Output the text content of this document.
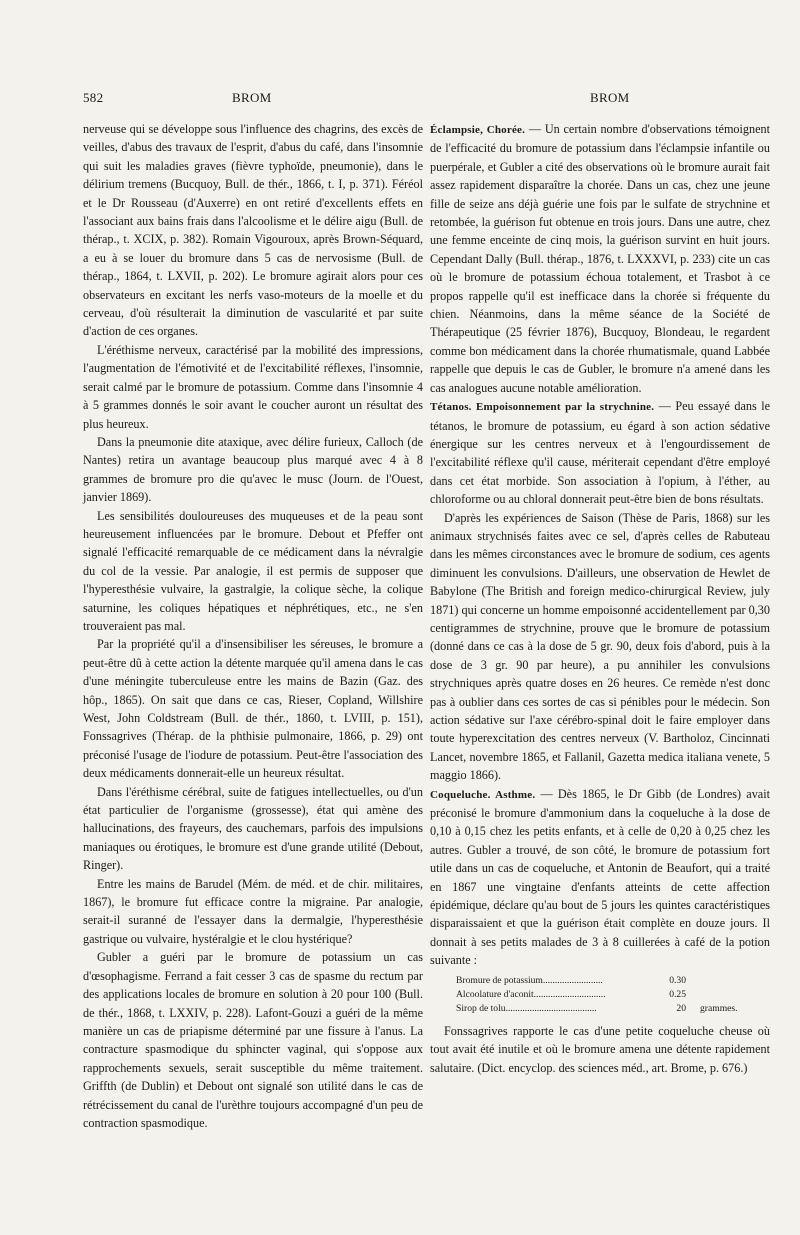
582	BROM	BROM

nerveuse qui se développe sous l'influence des chagrins, des excès de veilles, d'abus des travaux de l'esprit, d'abus du café, dans l'insomnie qui suit les maladies graves (fièvre typhoïde, pneumonie), dans le délirium tremens (Bucquoy, Bull. de thér., 1866, t. I, p. 371). Féréol et le Dr Rousseau (d'Auxerre) en ont retiré d'excellents effets en l'associant aux bains frais dans l'alcoolisme et le délire aigu (Bull. de thérap., t. XCIX, p. 382). Romain Vigouroux, après Brown-Séquard, a eu à se louer du bromure dans 5 cas de nervosisme (Bull. de thérap., 1864, t. LXVII, p. 202). Le bromure agirait alors pour ces observateurs en excitant les nerfs vaso-moteurs de la moelle et du cerveau, d'où résulterait la diminution de vascularité et par suite d'action de ces organes.

L'éréthisme nerveux, caractérisé par la mobilité des impressions, l'augmentation de l'émotivité et de l'excitabilité réflexes, l'insomnie, serait calmé par le bromure de potassium. Comme dans l'insomnie 4 à 5 grammes donnés le soir avant le coucher auront un résultat des plus heureux.

Dans la pneumonie dite ataxique, avec délire furieux, Calloch (de Nantes) retira un avantage beaucoup plus marqué avec 4 à 8 grammes de bromure pro die qu'avec le musc (Journ. de l'Ouest, janvier 1869).

Les sensibilités douloureuses des muqueuses et de la peau sont heureusement influencées par le bromure. Debout et Pfeffer ont signalé l'efficacité remarquable de ce médicament dans la névralgie du col de la vessie. Par analogie, il est permis de supposer que l'hyperesthésie vulvaire, la gastralgie, la colique sèche, la colique saturnine, les coliques hépatiques et néphrétiques, etc., ne s'en trouveraient pas mal.

Par la propriété qu'il a d'insensibiliser les séreuses, le bromure a peut-être dû à cette action la détente marquée qu'il amena dans le cas d'une méningite tuberculeuse entre les mains de Bazin (Gaz. des hôp., 1865). On sait que dans ce cas, Rieser, Copland, Willshire West, John Coldstream (Bull. de thér., 1860, t. LVIII, p. 151), Fonssagrives (Thérap. de la phthisie pulmonaire, 1866, p. 29) ont préconisé l'usage de l'iodure de potassium. Peut-être l'association des deux médicaments donnerait-elle un heureux résultat.

Dans l'éréthisme cérébral, suite de fatigues intellectuelles, ou d'un état particulier de l'organisme (grossesse), état qui amène des hallucinations, des frayeurs, des cauchemars, parfois des impulsions maniaques ou érotiques, le bromure est d'une grande utilité (Debout, Ringer).

Entre les mains de Barudel (Mém. de méd. et de chir. militaires, 1867), le bromure fut efficace contre la migraine. Par analogie, serait-il suranné de l'essayer dans la dermalgie, l'hyperesthésie gastrique ou vulvaire, hystéralgie et le clou hystérique?

Gubler a guéri par le bromure de potassium un cas d'œsophagisme. Ferrand a fait cesser 3 cas de spasme du rectum par des applications locales de bromure en solution à 20 pour 100 (Bull. de thér., 1868, t. LXXIV, p. 228). Lafont-Gouzi a guéri de la même manière un cas de priapisme déterminé par une fissure à l'anus. La contracture spasmodique du sphincter vaginal, qui s'oppose aux rapprochements sexuels, serait susceptible du même traitement. Griffth (de Dublin) et Debout ont signalé son utilité dans le cas de rétrécissement du canal de l'urèthre toujours accompagné d'un peu de contraction spasmodique.

Éclampsie, Chorée. — Un certain nombre d'observations témoignent de l'efficacité du bromure de potassium dans l'éclampsie infantile ou puerpérale, et Gubler a cité des observations où le bromure aurait fait assez rapidement disparaître la chorée. Dans un cas, chez une jeune fille de seize ans déjà guérie une fois par le sulfate de strychnine et retombée, la guérison fut obtenue en trois jours. Dans une autre, chez une femme enceinte de cinq mois, la guérison survint en huit jours. Cependant Dally (Bull. thérap., 1876, t. LXXXVI, p. 233) cite un cas où le bromure de potassium échoua totalement, et Trasbot à ce propos rappelle qu'il est inefficace dans la chorée si fréquente du chien. Néanmoins, dans la même séance de la Société de Thérapeutique (25 février 1876), Bucquoy, Blondeau, le regardent comme bon médicament dans la chorée rhumatismale, quand Labbée rappelle que depuis le cas de Gubler, le bromure n'a amené dans les cas analogues aucune notable amélioration.

Tétanos. Empoisonnement par la strychnine. — Peu essayé dans le tétanos, le bromure de potassium, eu égard à son action sédative énergique sur les centres nerveux et à l'engourdissement de l'excitabilité réflexe qu'il cause, mériterait cependant d'être employé dans cet état morbide. Son association à l'opium, à l'éther, au chloroforme ou au chloral donnerait peut-être bien de bons résultats.

D'après les expériences de Saison (Thèse de Paris, 1868) sur les animaux strychnisés faites avec ce sel, d'après celles de Rabuteau dans les mêmes circonstances avec le bromure de sodium, ces agents diminuent les convulsions. D'ailleurs, une observation de Hewlet de Babylone (The British and foreign medico-chirurgical Review, july 1871) qui concerne un homme empoisonné accidentellement par 0,30 centigrammes de strychnine, prouve que le bromure de potassium (donné dans ce cas à la dose de 5 gr. 90, deux fois d'abord, puis à la dose de 3 gr. 90 par heure), a pu annihiler les convulsions strychniques après quatre doses en 26 heures. Ce remède n'est donc pas à oublier dans ces sortes de cas si pénibles pour le médecin. Son action sédative sur l'axe cérébro-spinal doit le faire employer dans toute hyperexcitation des centres nerveux (V. Bartholoz, Cincinnati Lancet, novembre 1865, et Fallanil, Gazetta medica italiana venete, 5 maggio 1866).

Coqueluche. Asthme. — Dès 1865, le Dr Gibb (de Londres) avait préconisé le bromure d'ammonium dans la coqueluche à la dose de 0,10 à 0,15 chez les petits enfants, et à celle de 0,20 à 0,25 chez les autres. Gubler a trouvé, de son côté, le bromure de potassium fort utile dans un cas de coqueluche, et Antonin de Beaufort, qui a traité en 1867 une vingtaine d'enfants atteints de cette affection épidémique, déclare qu'au bout de 5 jours les quintes caractéristiques disparaissaient et que la guérison était complète en douze jours. Il donnait à ses petits malades de 3 à 8 cuillerées à café de la potion suivante :

Bromure de potassium.........................	0.30
Alcoolature d'aconit..............................	0.25
Sirop de tolu......................................	20 grammes.

Fonssagrives rapporte le cas d'une petite coqueluche cheuse où tout avait été inutile et où le bromure amena une détente rapidement salutaire. (Dict. encyclop. des sciences méd., art. Brome, p. 676.)
